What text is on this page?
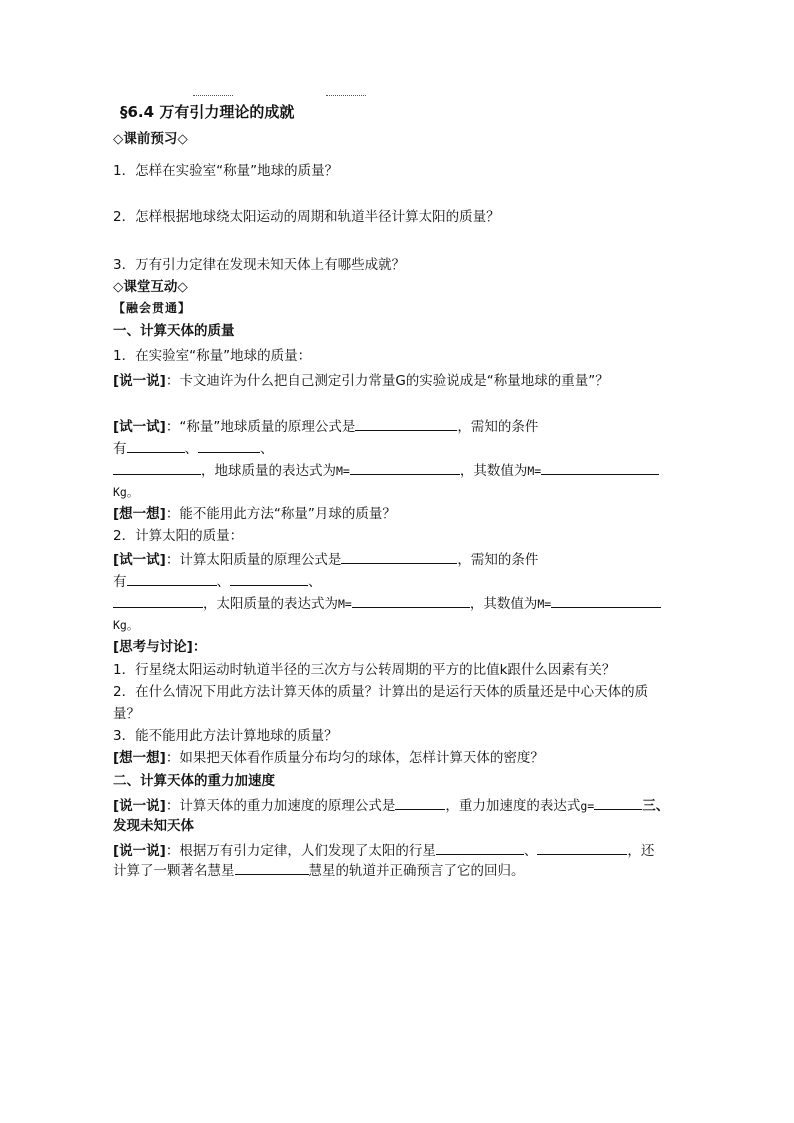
§6.4 万有引力理论的成就
◇课前预习◇
1．怎样在实验室“称量”地球的质量？
2．怎样根据地球绕太阳运动的周期和轨道半径计算太阳的质量？
3．万有引力定律在发现未知天体上有哪些成就？
◇课堂互动◇
【融会贯通】
一、计算天体的质量
1．在实验室“称量”地球的质量：
[说一说]：卡文迪许为什么把自己测定引力常量G的实验说成是“称量地球的重量”？
[试一试]：“称量”地球质量的原理公式是	，需知的条件
有	、	、
，地球质量的表达式为M=	，其数值为M=
Kg。
[想一想]：能不能用此方法“称量”月球的质量？
2．计算太阳的质量：
[试一试]：计算太阳质量的原理公式是	，需知的条件
有	、	、
，太阳质量的表达式为M=	，其数值为M=
Kg。
[思考与讨论]：
1．行星绕太阳运动时轨道半径的三次方与公转周期的平方的比值k跟什么因素有关？
2．在什么情况下用此方法计算天体的质量？计算出的是运行天体的质量还是中心天体的质
量？
3．能不能用此方法计算地球的质量？
[想一想]：如果把天体看作质量分布均匀的球体，怎样计算天体的密度？
二、计算天体的重力加速度
[说一说]：计算天体的重力加速度的原理公式是	，重力加速度的表达式g=	三、
发现未知天体
[说一说]：根据万有引力定律，人们发现了太阳的行星	、	，还
计算了一颗著名慧星	慧星的轨道并正确预言了它的回归。
